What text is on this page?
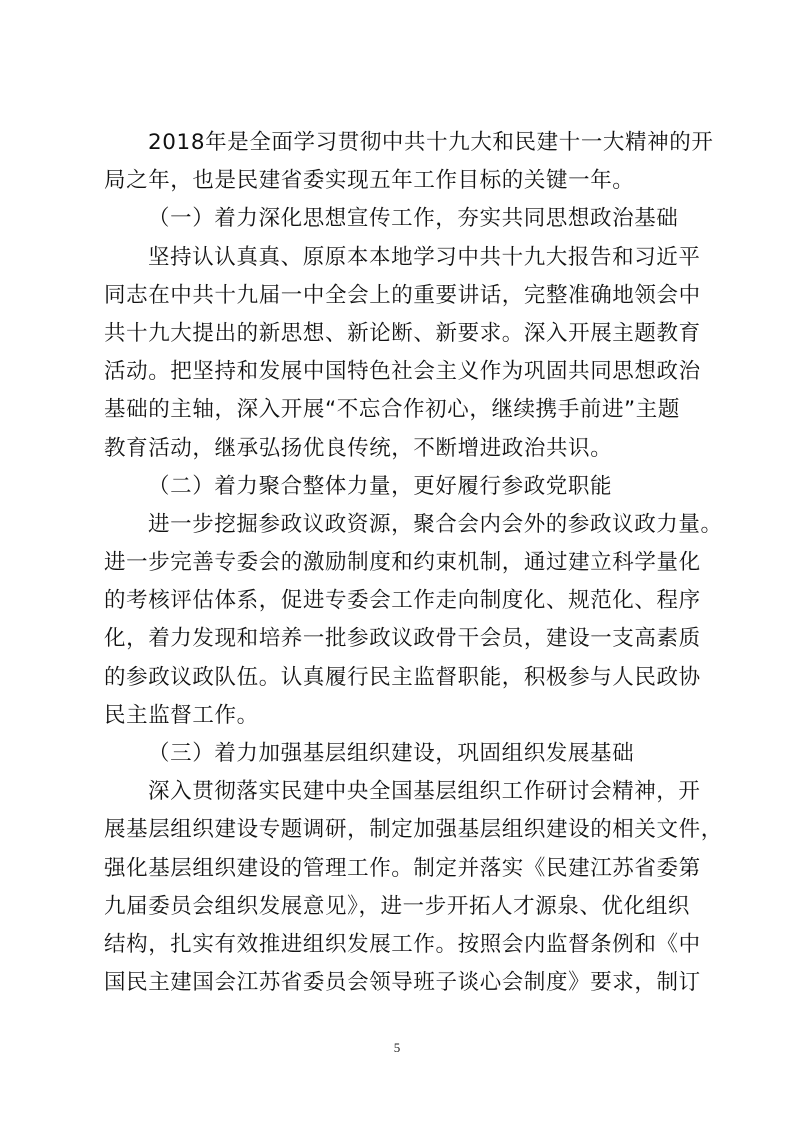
2018年是全面学习贯彻中共十九大和民建十一大精神的开
局之年，也是民建省委实现五年工作目标的关键一年。
（一）着力深化思想宣传工作，夯实共同思想政治基础
坚持认认真真、原原本本地学习中共十九大报告和习近平
同志在中共十九届一中全会上的重要讲话，完整准确地领会中
共十九大提出的新思想、新论断、新要求。深入开展主题教育
活动。把坚持和发展中国特色社会主义作为巩固共同思想政治
基础的主轴，深入开展“不忘合作初心，继续携手前进”主题
教育活动，继承弘扬优良传统，不断增进政治共识。
（二）着力聚合整体力量，更好履行参政党职能
进一步挖掘参政议政资源，聚合会内会外的参政议政力量。
进一步完善专委会的激励制度和约束机制，通过建立科学量化
的考核评估体系，促进专委会工作走向制度化、规范化、程序
化，着力发现和培养一批参政议政骨干会员，建设一支高素质
的参政议政队伍。认真履行民主监督职能，积极参与人民政协
民主监督工作。
（三）着力加强基层组织建设，巩固组织发展基础
深入贯彻落实民建中央全国基层组织工作研讨会精神，开
展基层组织建设专题调研，制定加强基层组织建设的相关文件，
强化基层组织建设的管理工作。制定并落实《民建江苏省委第
九届委员会组织发展意见》，进一步开拓人才源泉、优化组织
结构，扎实有效推进组织发展工作。按照会内监督条例和《中
国民主建国会江苏省委员会领导班子谈心会制度》要求，制订
5
